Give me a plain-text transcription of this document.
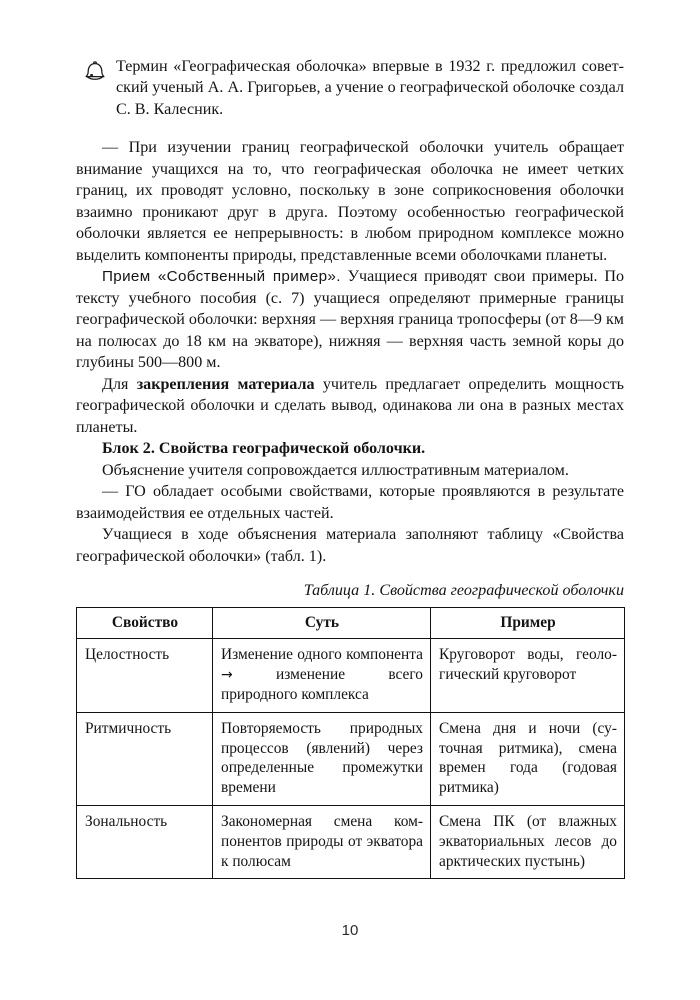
Термин «Географическая оболочка» впервые в 1932 г. предложил советский ученый А. А. Григорьев, а учение о географической оболочке создал С. В. Калесник.

— При изучении границ географической оболочки учитель обращает внимание учащихся на то, что географическая оболочка не имеет четких границ, их проводят условно, поскольку в зоне соприкосновения оболочки взаимно проникают друг в друга. Поэтому особенностью географической оболочки является ее непрерывность: в любом природном комплексе можно выделить компоненты природы, представленные всеми оболочками планеты.

Прием «Собственный пример». Учащиеся приводят свои примеры. По тексту учебного пособия (с. 7) учащиеся определяют примерные границы географической оболочки: верхняя — верхняя граница тропосферы (от 8—9 км на полюсах до 18 км на экваторе), нижняя — верхняя часть земной коры до глубины 500—800 м.

Для закрепления материала учитель предлагает определить мощность географической оболочки и сделать вывод, одинакова ли она в разных местах планеты.

Блок 2. Свойства географической оболочки.

Объяснение учителя сопровождается иллюстративным материалом.

— ГО обладает особыми свойствами, которые проявляются в результате взаимодействия ее отдельных частей.

Учащиеся в ходе объяснения материала заполняют таблицу «Свойства географической оболочки» (табл. 1).

Таблица 1. Свойства географической оболочки
Свойство	Суть	Пример
Целостность	Изменение одного компонента → изменение всего природного комплекса	Круговорот воды, геологический круговорот
Ритмичность	Повторяемость природных процессов (явлений) через определенные промежутки времени	Смена дня и ночи (суточная ритмика), смена времен года (годовая ритмика)
Зональность	Закономерная смена компонентов природы от экватора к полюсам	Смена ПК (от влажных экваториальных лесов до арктических пустынь)
10
